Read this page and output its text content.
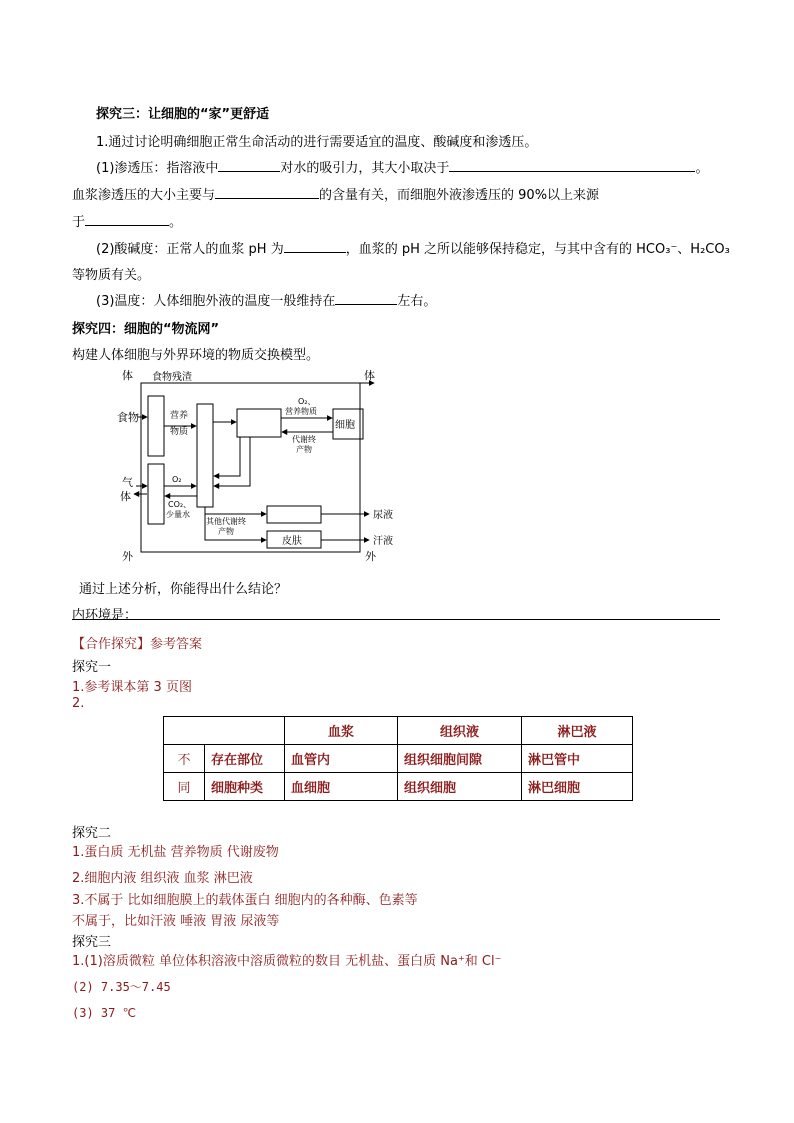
探究三：让细胞的“家”更舒适
1.通过讨论明确细胞正常生命活动的进行需要适宜的温度、酸碱度和渗透压。
(1)渗透压：指溶液中	对水的吸引力，其大小取决于	。
血浆渗透压的大小主要与	的含量有关，而细胞外液渗透压的 90%以上来源
于	。
(2)酸碱度：正常人的血浆 pH 为	，血浆的 pH 之所以能够保持稳定，与其中含有的 HCO₃⁻、H₂CO₃
等物质有关。
(3)温度：人体细胞外液的温度一般维持在	左右。
探究四：细胞的“物流网”
构建人体细胞与外界环境的物质交换模型。
体 食物残渣	体
食物	营养
物质
O₂、
营养物质
细胞
代谢终
产物
气
体
O₂
CO₂、
少量水
其他代谢终
产物
尿液
皮肤	汗液
外	外
通过上述分析，你能得出什么结论？
内环境是：
【合作探究】参考答案
探究一
1.参考课本第 3 页图
2.
		血浆	组织液	淋巴液
不	存在部位	血管内	组织细胞间隙	淋巴管中
同	细胞种类	血细胞	组织细胞	淋巴细胞
探究二
1.蛋白质 无机盐 营养物质 代谢废物
2.细胞内液 组织液 血浆 淋巴液
3.不属于 比如细胞膜上的载体蛋白 细胞内的各种酶、色素等
不属于，比如汗液 唾液 胃液 尿液等
探究三
1.(1)溶质微粒 单位体积溶液中溶质微粒的数目 无机盐、蛋白质 Na⁺和 Cl⁻
(2) 7.35～7.45
(3) 37 ℃
